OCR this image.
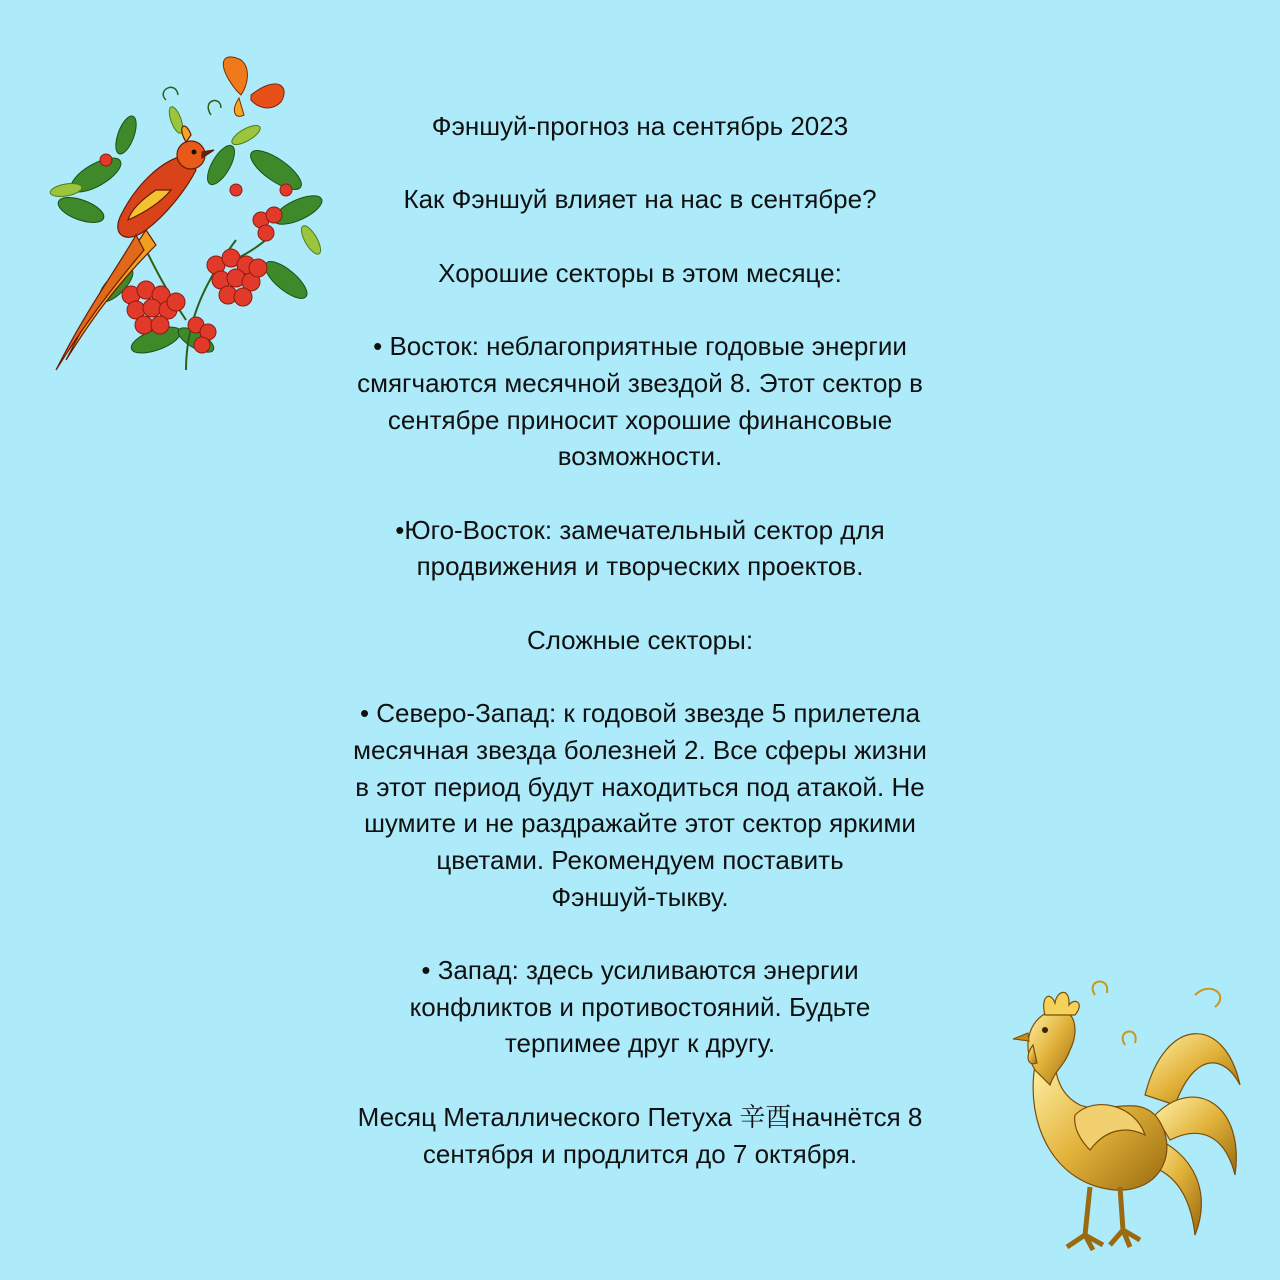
Фэншуй-прогноз на сентябрь 2023

Как Фэншуй влияет на нас в сентябре?

Хорошие секторы в этом месяце:

• Восток: неблагоприятные годовые энергии
смягчаются месячной звездой 8. Этот сектор в
сентябре приносит хорошие финансовые
возможности.

•Юго-Восток: замечательный сектор для
продвижения и творческих проектов.

Сложные секторы:

• Северо-Запад: к годовой звезде 5 прилетела
месячная звезда болезней 2. Все сферы жизни
в этот период будут находиться под атакой. Не
шумите и не раздражайте этот сектор яркими
цветами. Рекомендуем поставить
Фэншуй-тыкву.

• Запад: здесь усиливаются энергии
конфликтов и противостояний. Будьте
терпимее друг к другу.

Месяц Металлического Петуха 辛酉начнётся 8
сентября и продлится до 7 октября.
